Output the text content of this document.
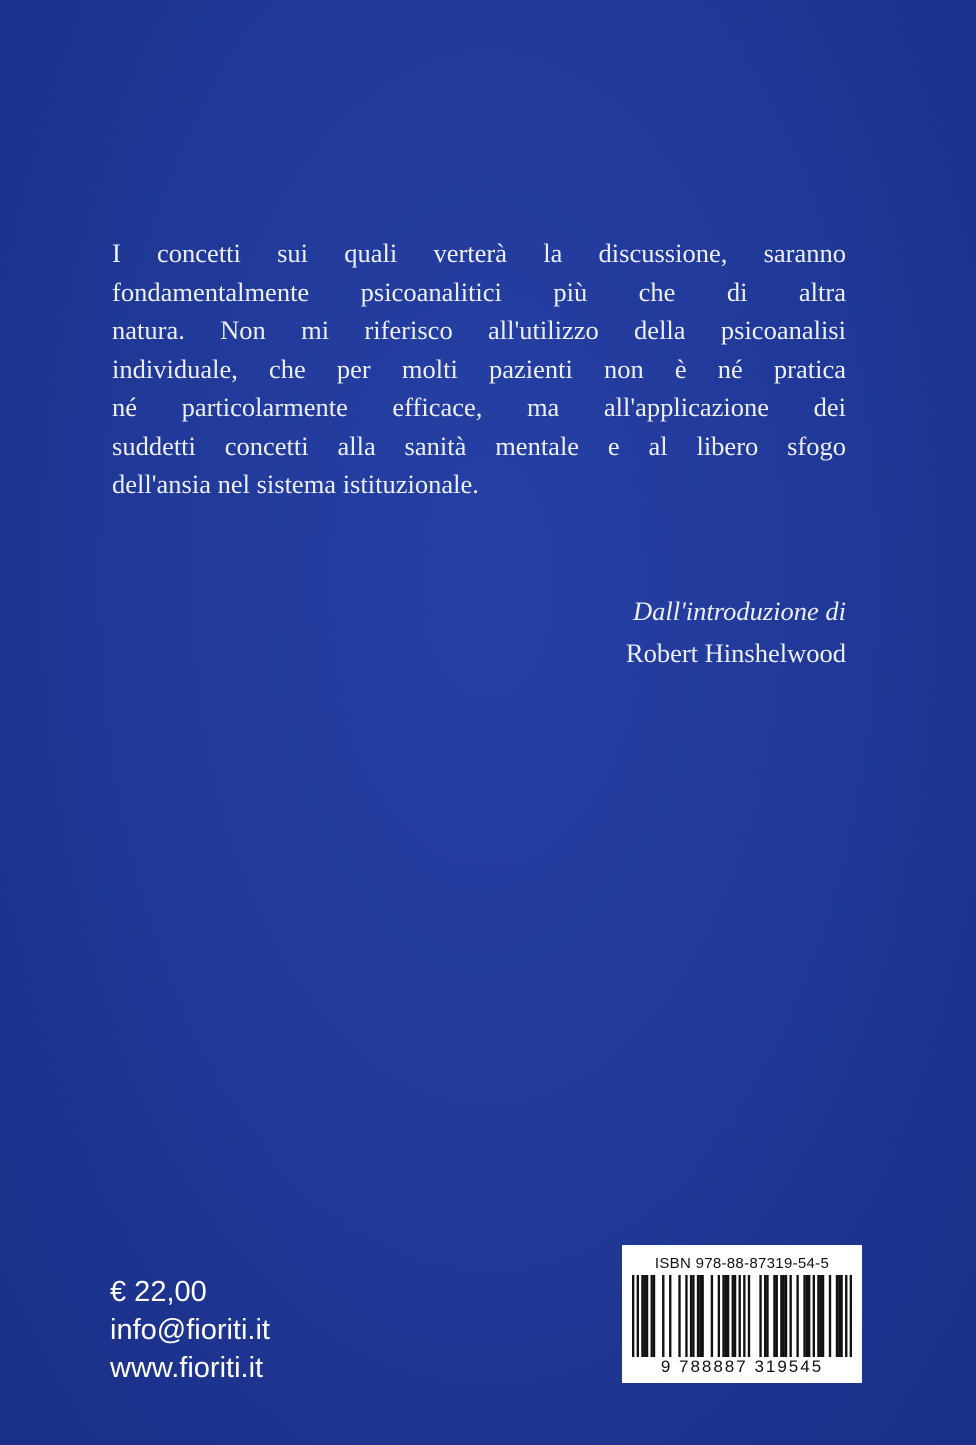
I concetti sui quali verterà la discussione, saranno
fondamentalmente psicoanalitici più che di altra
natura. Non mi riferisco all'utilizzo della psicoanalisi
individuale, che per molti pazienti non è né pratica
né particolarmente efficace, ma all'applicazione dei
suddetti concetti alla sanità mentale e al libero sfogo
dell'ansia nel sistema istituzionale.
Dall'introduzione di
Robert Hinshelwood
€ 22,00
info@fioriti.it
www.fioriti.it
ISBN 978-88-87319-54-5
9 788887 319545
